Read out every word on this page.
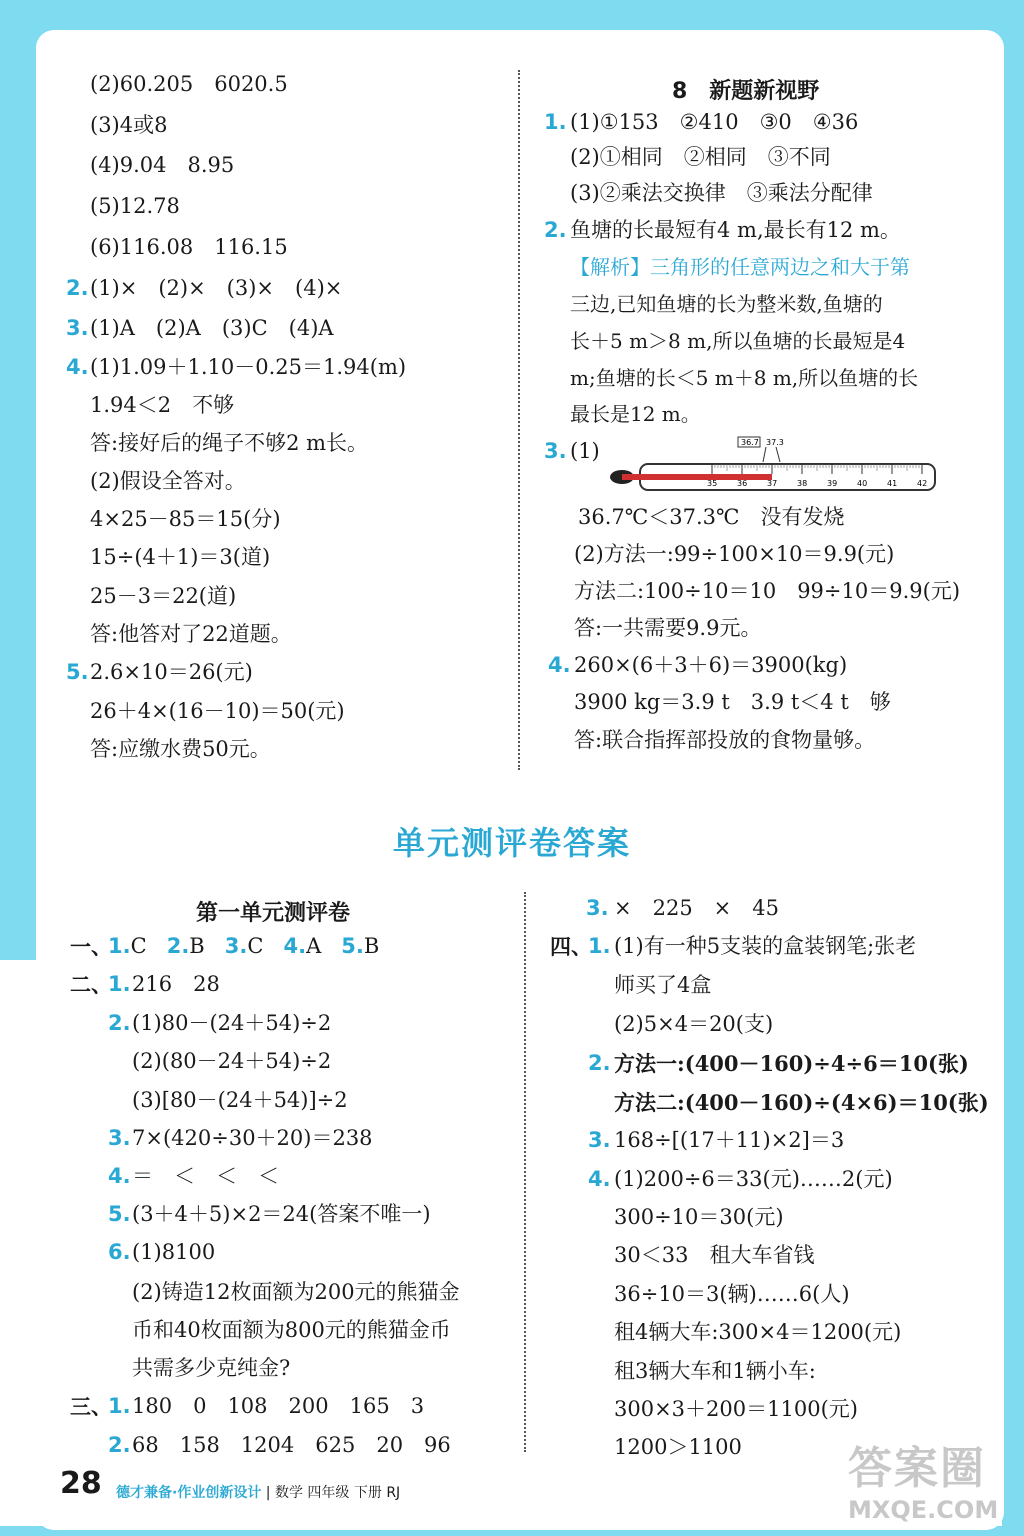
(2)60.205　6020.5
(3)4或8
(4)9.04　8.95
(5)12.78
(6)116.08　116.15
2. (1)×　(2)×　(3)×　(4)×
3. (1)A　(2)A　(3)C　(4)A
4. (1)1.09＋1.10－0.25＝1.94(m)
1.94＜2　不够
答:接好后的绳子不够2 m长。
(2)假设全答对。
4×25－85＝15(分)
15÷(4＋1)＝3(道)
25－3＝22(道)
答:他答对了22道题。
5. 2.6×10＝26(元)
26＋4×(16－10)＝50(元)
答:应缴水费50元。
8　新题新视野
1. (1)①153　②410　③0　④36
(2)①相同　②相同　③不同
(3)②乘法交换律　③乘法分配律
2. 鱼塘的长最短有4 m,最长有12 m。
【解析】三角形的任意两边之和大于第
三边,已知鱼塘的长为整米数,鱼塘的
长＋5 m＞8 m,所以鱼塘的长最短是4
m;鱼塘的长＜5 m＋8 m,所以鱼塘的长
最长是12 m。
3. (1)	36.7 37.3
35 36 37 38 39 40 41 42
36.7℃＜37.3℃　没有发烧
(2)方法一:99÷100×10＝9.9(元)
方法二:100÷10＝10　99÷10＝9.9(元)
答:一共需要9.9元。
4. 260×(6＋3＋6)＝3900(kg)
3900 kg＝3.9 t　3.9 t＜4 t　够
答:联合指挥部投放的食物量够。
单元测评卷答案
第一单元测评卷
一、
1.C 2.B 3.C 4.A 5.B
二、
1. 216　28
2. (1)80－(24＋54)÷2
(2)(80－24＋54)÷2
(3)[80－(24＋54)]÷2
3. 7×(420÷30＋20)＝238
4. ＝　＜　＜　＜
5. (3＋4＋5)×2＝24(答案不唯一)
6. (1)8100
(2)铸造12枚面额为200元的熊猫金
币和40枚面额为800元的熊猫金币
共需多少克纯金?
三、
1. 180　0　108　200　165　3
2. 68　158　1204　625　20　96
3. ×　225　×　45
四、
1. (1)有一种5支装的盒装钢笔;张老
师买了4盒
(2)5×4＝20(支)
2. 方法一:(400－160)÷4÷6＝10(张)
方法二:(400－160)÷(4×6)＝10(张)
3. 168÷[(17＋11)×2]＝3
4. (1)200÷6＝33(元)……2(元)
300÷10＝30(元)
30＜33　租大车省钱
36÷10＝3(辆)……6(人)
租4辆大车:300×4＝1200(元)
租3辆大车和1辆小车:
300×3＋200＝1100(元)
1200＞1100
28 德才兼备·作业创新设计 | 数学 四年级 下册 RJ	答案圈
MXQE.COM
